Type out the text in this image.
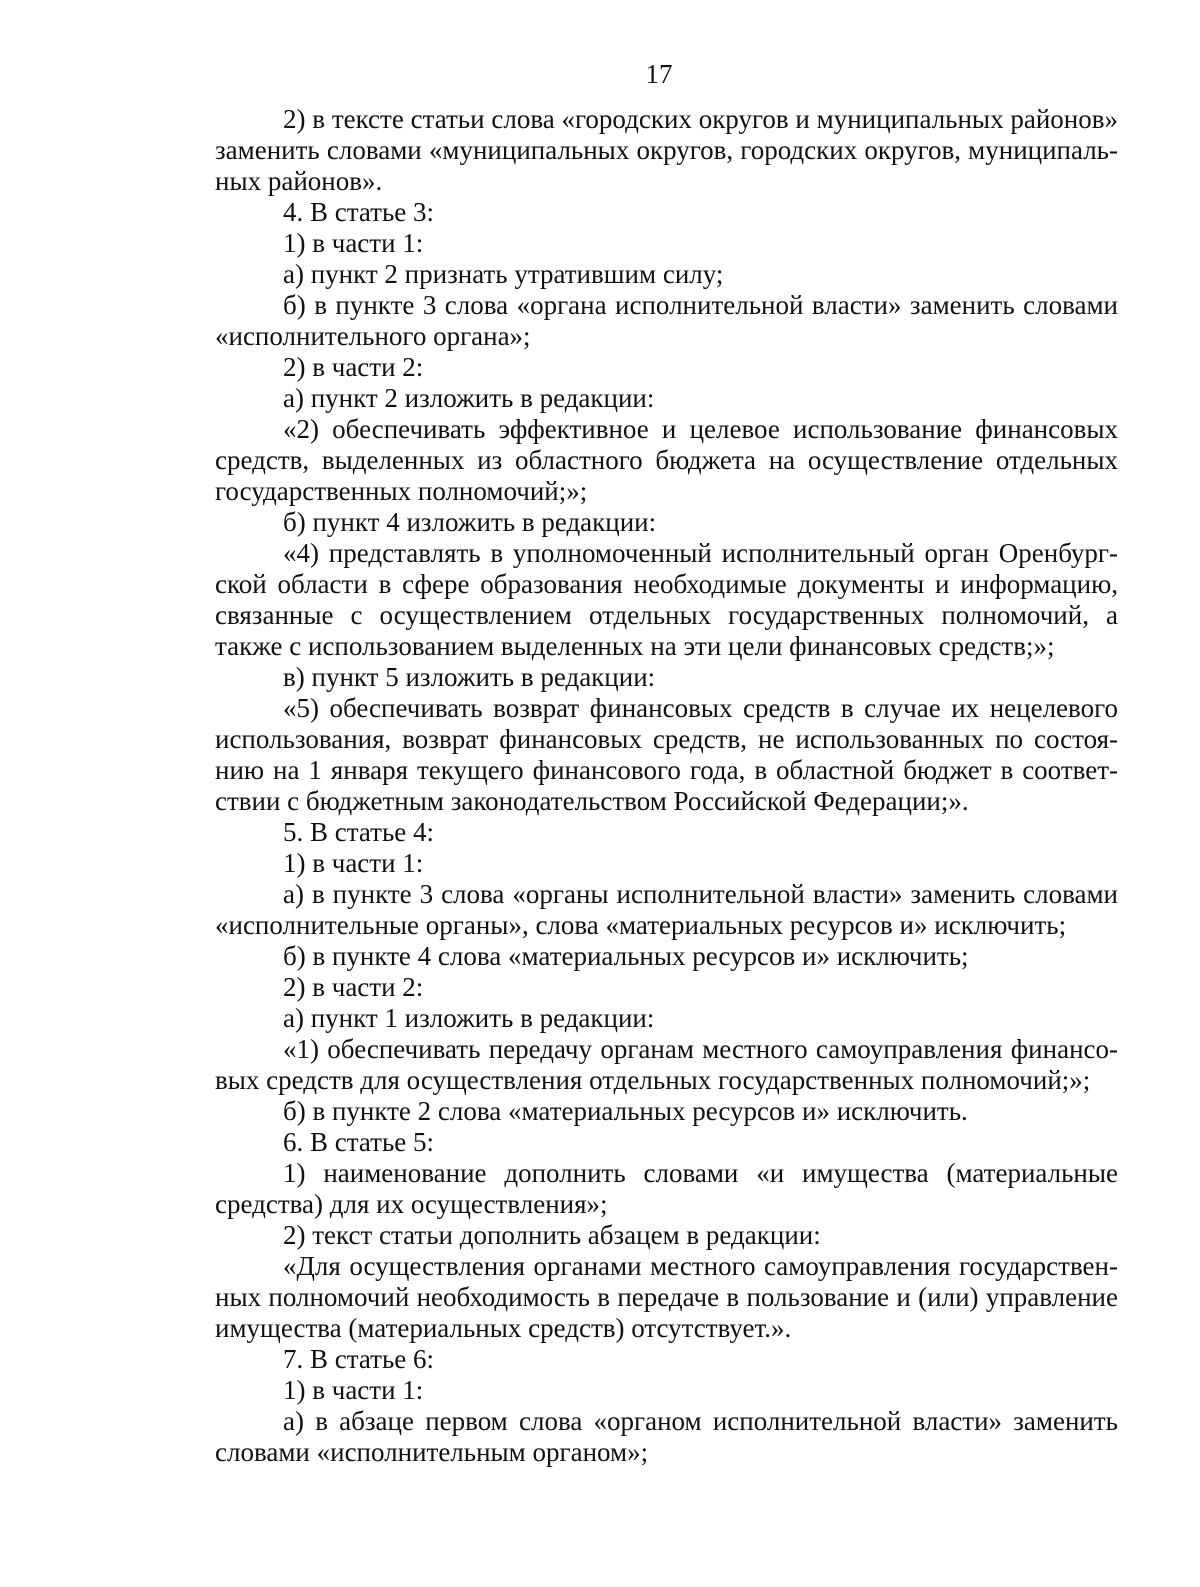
17

2) в тексте статьи слова «городских округов и муниципальных районов» заменить словами «муниципальных округов, городских округов, муниципальных районов».

4. В статье 3:

1) в части 1:

а) пункт 2 признать утратившим силу;

б) в пункте 3 слова «органа исполнительной власти» заменить словами «исполнительного органа»;

2) в части 2:

а) пункт 2 изложить в редакции:

«2) обеспечивать эффективное и целевое использование финансовых средств, выделенных из областного бюджета на осуществление отдельных государственных полномочий;»;

б) пункт 4 изложить в редакции:

«4) представлять в уполномоченный исполнительный орган Оренбургской области в сфере образования необходимые документы и информацию, связанные с осуществлением отдельных государственных полномочий, а также с использованием выделенных на эти цели финансовых средств;»;

в) пункт 5 изложить в редакции:

«5) обеспечивать возврат финансовых средств в случае их нецелевого использования, возврат финансовых средств, не использованных по состоянию на 1 января текущего финансового года, в областной бюджет в соответствии с бюджетным законодательством Российской Федерации;».

5. В статье 4:

1) в части 1:

а) в пункте 3 слова «органы исполнительной власти» заменить словами «исполнительные органы», слова «материальных ресурсов и» исключить;

б) в пункте 4 слова «материальных ресурсов и» исключить;

2) в части 2:

а) пункт 1 изложить в редакции:

«1) обеспечивать передачу органам местного самоуправления финансовых средств для осуществления отдельных государственных полномочий;»;

б) в пункте 2 слова «материальных ресурсов и» исключить.

6. В статье 5:

1) наименование дополнить словами «и имущества (материальные средства) для их осуществления»;

2) текст статьи дополнить абзацем в редакции:

«Для осуществления органами местного самоуправления государственных полномочий необходимость в передаче в пользование и (или) управление имущества (материальных средств) отсутствует.».

7. В статье 6:

1) в части 1:

а) в абзаце первом слова «органом исполнительной власти» заменить словами «исполнительным органом»;
